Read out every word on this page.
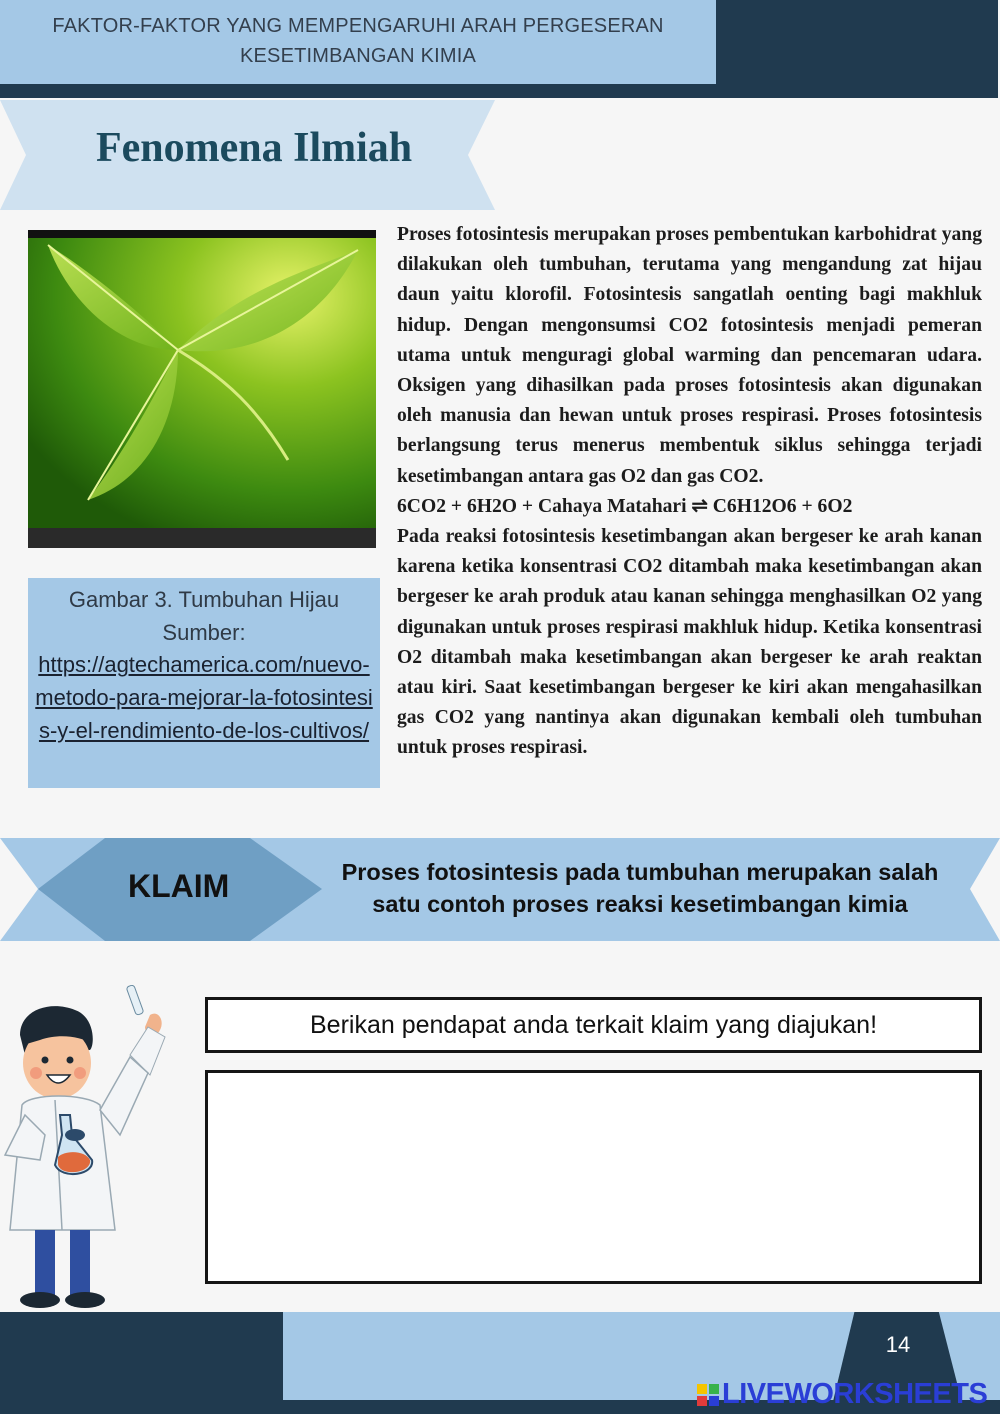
FAKTOR-FAKTOR YANG MEMPENGARUHI ARAH PERGESERAN
KESETIMBANGAN KIMIA
Fenomena Ilmiah
Gambar 3. Tumbuhan Hijau
Sumber:
https://agtechamerica.com/nuevo-metodo-para-mejorar-la-fotosintesis-y-el-rendimiento-de-los-cultivos/

Proses fotosintesis merupakan proses pembentukan karbohidrat yang dilakukan oleh tumbuhan, terutama yang mengandung zat hijau daun yaitu klorofil. Fotosintesis sangatlah oenting bagi makhluk hidup. Dengan mengonsumsi CO2 fotosintesis menjadi pemeran utama untuk menguragi global warming dan pencemaran udara. Oksigen yang dihasilkan pada proses fotosintesis akan digunakan oleh manusia dan hewan untuk proses respirasi. Proses fotosintesis berlangsung terus menerus membentuk siklus sehingga terjadi kesetimbangan antara gas O2 dan gas CO2.

6CO2 + 6H2O + Cahaya Matahari ⇌ C6H12O6 + 6O2

Pada reaksi fotosintesis kesetimbangan akan bergeser ke arah kanan karena ketika konsentrasi CO2 ditambah maka kesetimbangan akan bergeser ke arah produk atau kanan sehingga menghasilkan O2 yang digunakan untuk proses respirasi makhluk hidup. Ketika konsentrasi O2 ditambah maka kesetimbangan akan bergeser ke arah reaktan atau kiri. Saat kesetimbangan bergeser ke kiri akan mengahasilkan gas CO2 yang nantinya akan digunakan kembali oleh tumbuhan untuk proses respirasi.

KLAIM	Proses fotosintesis pada tumbuhan merupakan salah satu contoh proses reaksi kesetimbangan kimia
Berikan pendapat anda terkait klaim yang diajukan!
14
LIVEWORKSHEETS
